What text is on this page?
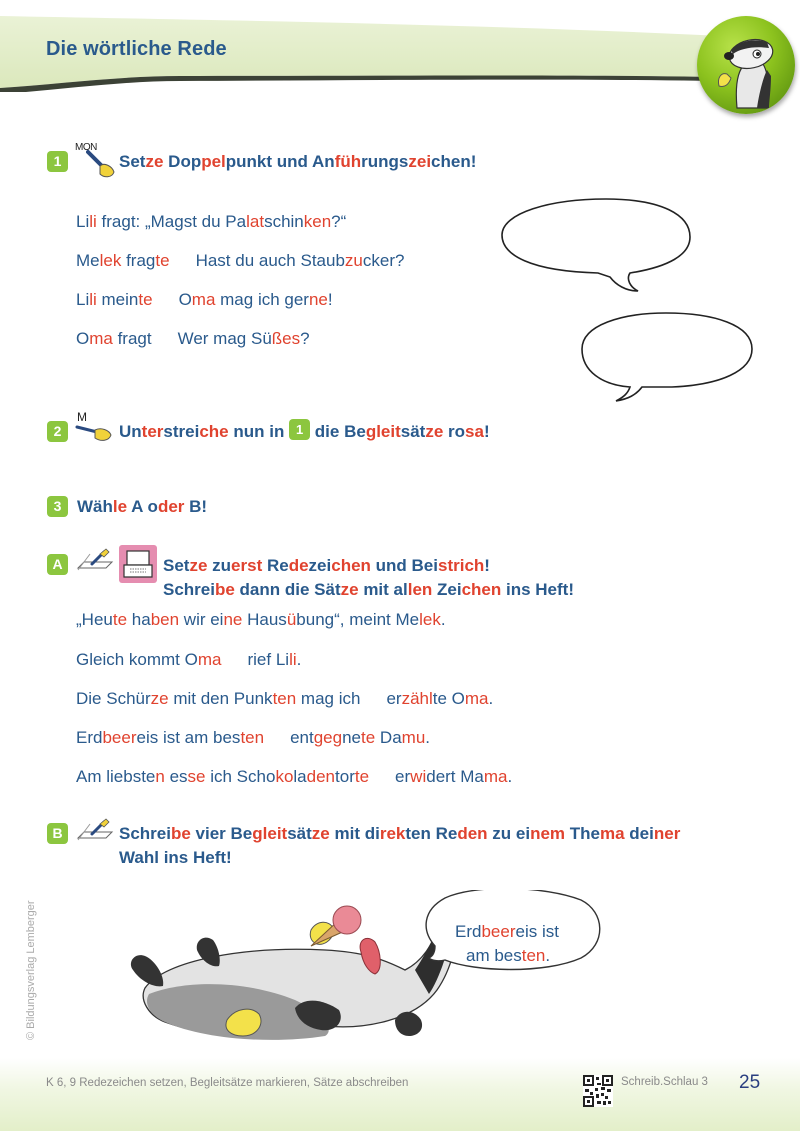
Die wörtliche Rede
1
MON
Setze Doppelpunkt und Anführungszeichen!
Lili fragt: „Magst du Palatschinken?“
Melek fragte Hast du auch Staubzucker?
Lili meinte Oma mag ich gerne!
Oma fragt Wer mag Süßes?
2
M
Unterstreiche nun in 1 die Begleitsätze rosa!
3 Wähle A oder B!
A	Setze zuerst Redezeichen und Beistrich!
Schreibe dann die Sätze mit allen Zeichen ins Heft!
„Heute haben wir eine Hausübung“, meint Melek.
Gleich kommt Oma rief Lili.
Die Schürze mit den Punkten mag ich erzählte Oma.
Erdbeereis ist am besten entgegnete Damu.
Am liebsten esse ich Schokoladentorte erwidert Mama.
B	Schreibe vier Begleitsätze mit direkten Reden zu einem Thema deiner
Wahl ins Heft!
Erdbeereis ist
am besten.
© Bildungsverlag Lemberger
K 6, 9 Redezeichen setzen, Begleitsätze markieren, Sätze abschreiben	Schreib.Schlau 3 25
